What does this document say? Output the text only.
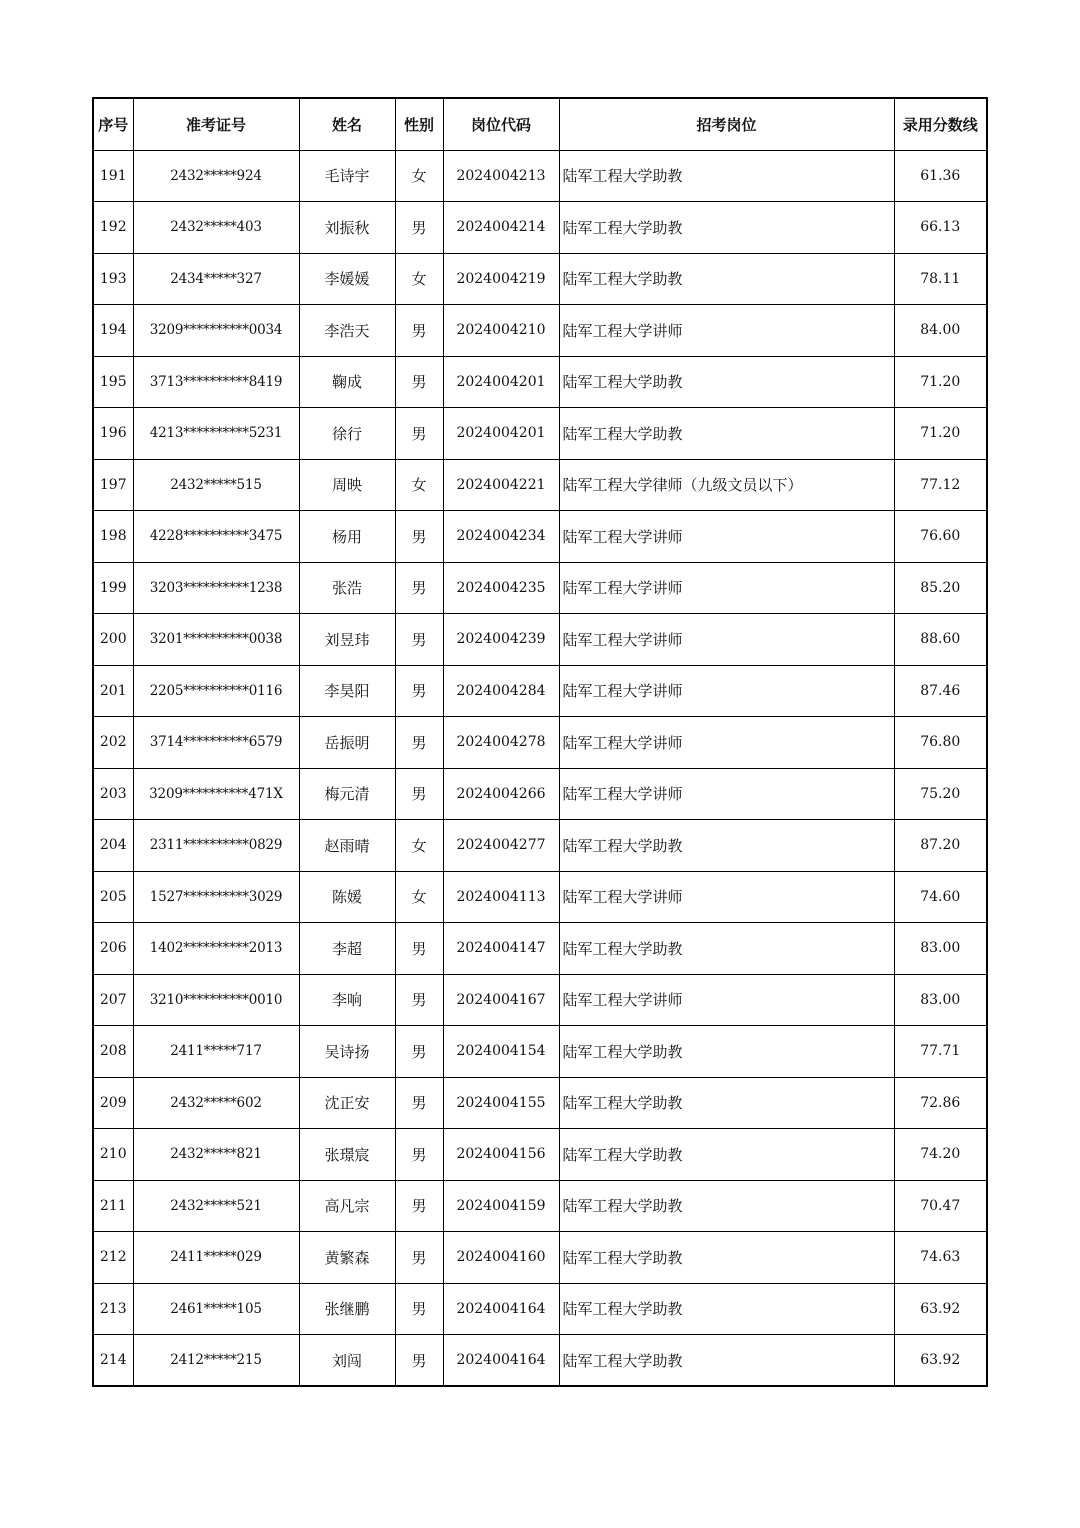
序号	准考证号	姓名	性别	岗位代码	招考岗位	录用分数线
191	2432*****924	毛诗宇	女	2024004213	陆军工程大学助教	61.36
192	2432*****403	刘振秋	男	2024004214	陆军工程大学助教	66.13
193	2434*****327	李媛媛	女	2024004219	陆军工程大学助教	78.11
194	3209**********0034	李浩天	男	2024004210	陆军工程大学讲师	84.00
195	3713**********8419	鞠成	男	2024004201	陆军工程大学助教	71.20
196	4213**********5231	徐行	男	2024004201	陆军工程大学助教	71.20
197	2432*****515	周映	女	2024004221	陆军工程大学律师（九级文员以下）	77.12
198	4228**********3475	杨用	男	2024004234	陆军工程大学讲师	76.60
199	3203**********1238	张浩	男	2024004235	陆军工程大学讲师	85.20
200	3201**********0038	刘昱玮	男	2024004239	陆军工程大学讲师	88.60
201	2205**********0116	李昊阳	男	2024004284	陆军工程大学讲师	87.46
202	3714**********6579	岳振明	男	2024004278	陆军工程大学讲师	76.80
203	3209**********471X	梅元清	男	2024004266	陆军工程大学讲师	75.20
204	2311**********0829	赵雨晴	女	2024004277	陆军工程大学助教	87.20
205	1527**********3029	陈媛	女	2024004113	陆军工程大学讲师	74.60
206	1402**********2013	李超	男	2024004147	陆军工程大学助教	83.00
207	3210**********0010	李响	男	2024004167	陆军工程大学讲师	83.00
208	2411*****717	吴诗扬	男	2024004154	陆军工程大学助教	77.71
209	2432*****602	沈正安	男	2024004155	陆军工程大学助教	72.86
210	2432*****821	张璟宸	男	2024004156	陆军工程大学助教	74.20
211	2432*****521	高凡宗	男	2024004159	陆军工程大学助教	70.47
212	2411*****029	黄繁森	男	2024004160	陆军工程大学助教	74.63
213	2461*****105	张继鹏	男	2024004164	陆军工程大学助教	63.92
214	2412*****215	刘闯	男	2024004164	陆军工程大学助教	63.92
